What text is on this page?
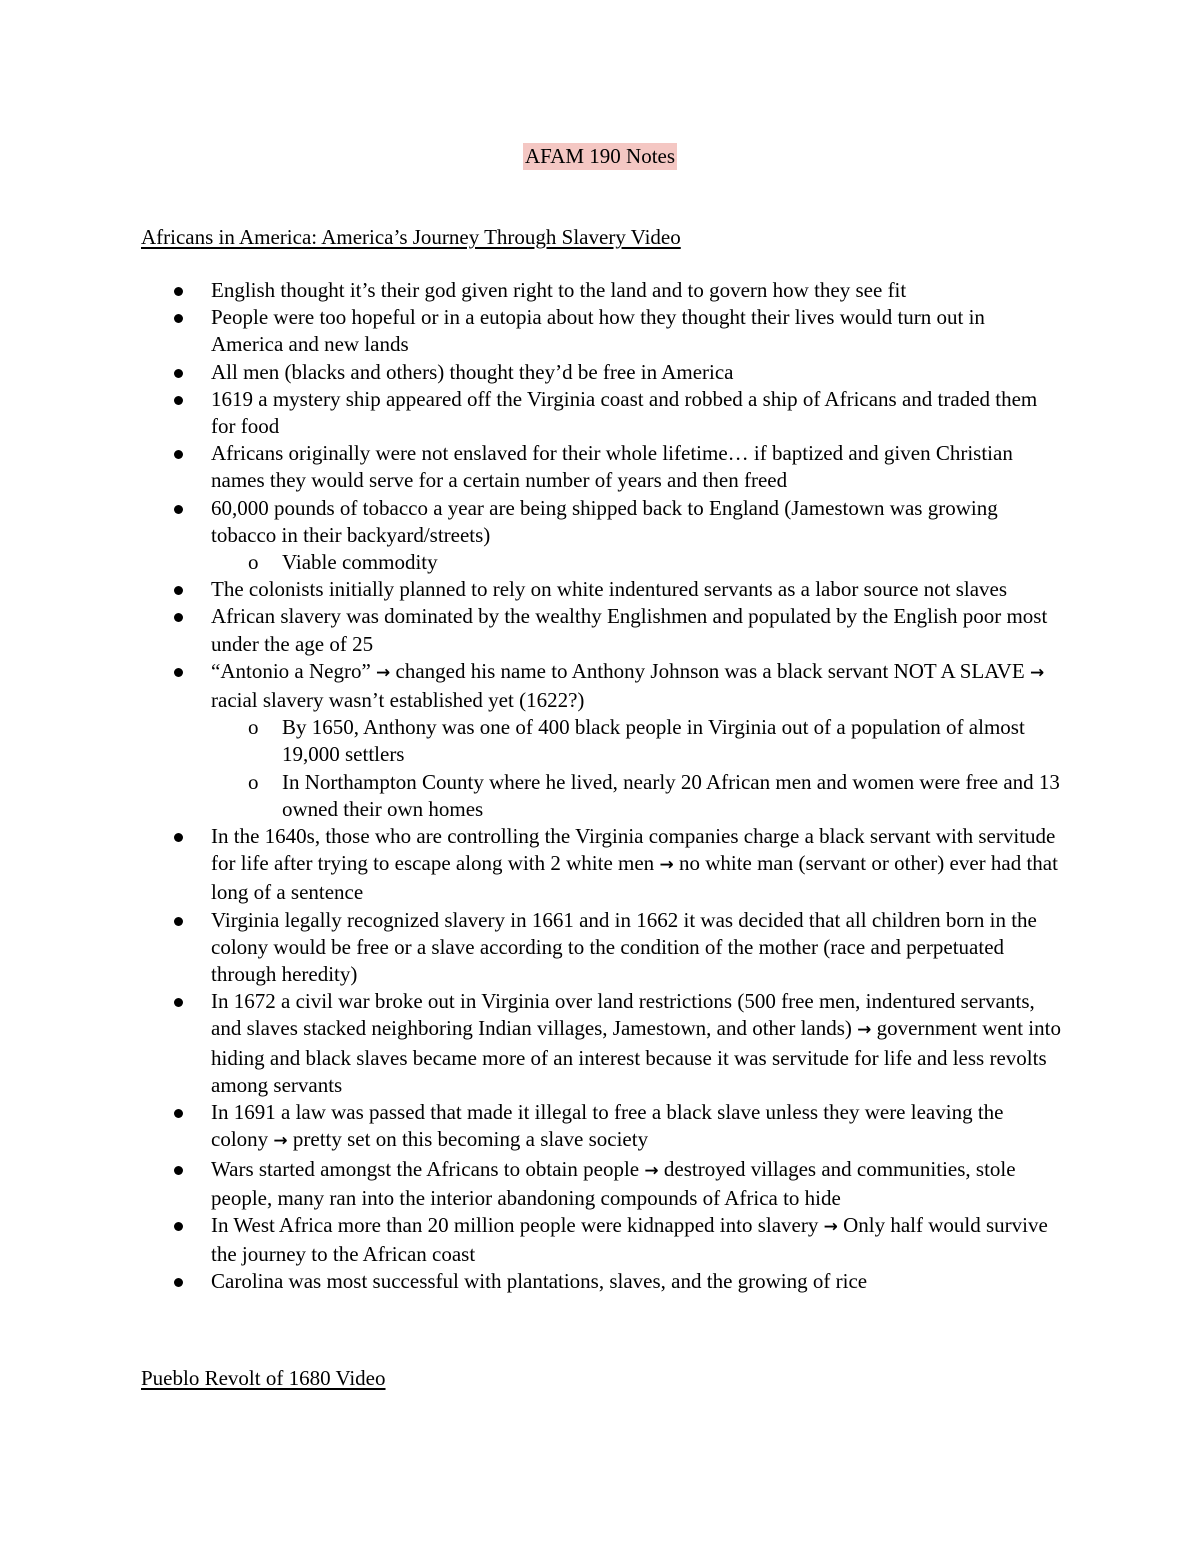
AFAM 190 Notes
Africans in America: America’s Journey Through Slavery Video
English thought it’s their god given right to the land and to govern how they see fit
People were too hopeful or in a eutopia about how they thought their lives would turn out in America and new lands
All men (blacks and others) thought they’d be free in America
1619 a mystery ship appeared off the Virginia coast and robbed a ship of Africans and traded them for food
Africans originally were not enslaved for their whole lifetime… if baptized and given Christian names they would serve for a certain number of years and then freed
60,000 pounds of tobacco a year are being shipped back to England (Jamestown was growing tobacco in their backyard/streets)
o Viable commodity
The colonists initially planned to rely on white indentured servants as a labor source not slaves
African slavery was dominated by the wealthy Englishmen and populated by the English poor most under the age of 25
“Antonio a Negro” → changed his name to Anthony Johnson was a black servant NOT A SLAVE → racial slavery wasn’t established yet (1622?)
o By 1650, Anthony was one of 400 black people in Virginia out of a population of almost 19,000 settlers
o In Northampton County where he lived, nearly 20 African men and women were free and 13 owned their own homes
In the 1640s, those who are controlling the Virginia companies charge a black servant with servitude for life after trying to escape along with 2 white men → no white man (servant or other) ever had that long of a sentence
Virginia legally recognized slavery in 1661 and in 1662 it was decided that all children born in the colony would be free or a slave according to the condition of the mother (race and perpetuated through heredity)
In 1672 a civil war broke out in Virginia over land restrictions (500 free men, indentured servants, and slaves stacked neighboring Indian villages, Jamestown, and other lands) → government went into hiding and black slaves became more of an interest because it was servitude for life and less revolts among servants
In 1691 a law was passed that made it illegal to free a black slave unless they were leaving the colony → pretty set on this becoming a slave society
Wars started amongst the Africans to obtain people → destroyed villages and communities, stole people, many ran into the interior abandoning compounds of Africa to hide
In West Africa more than 20 million people were kidnapped into slavery → Only half would survive the journey to the African coast
Carolina was most successful with plantations, slaves, and the growing of rice
Pueblo Revolt of 1680 Video
